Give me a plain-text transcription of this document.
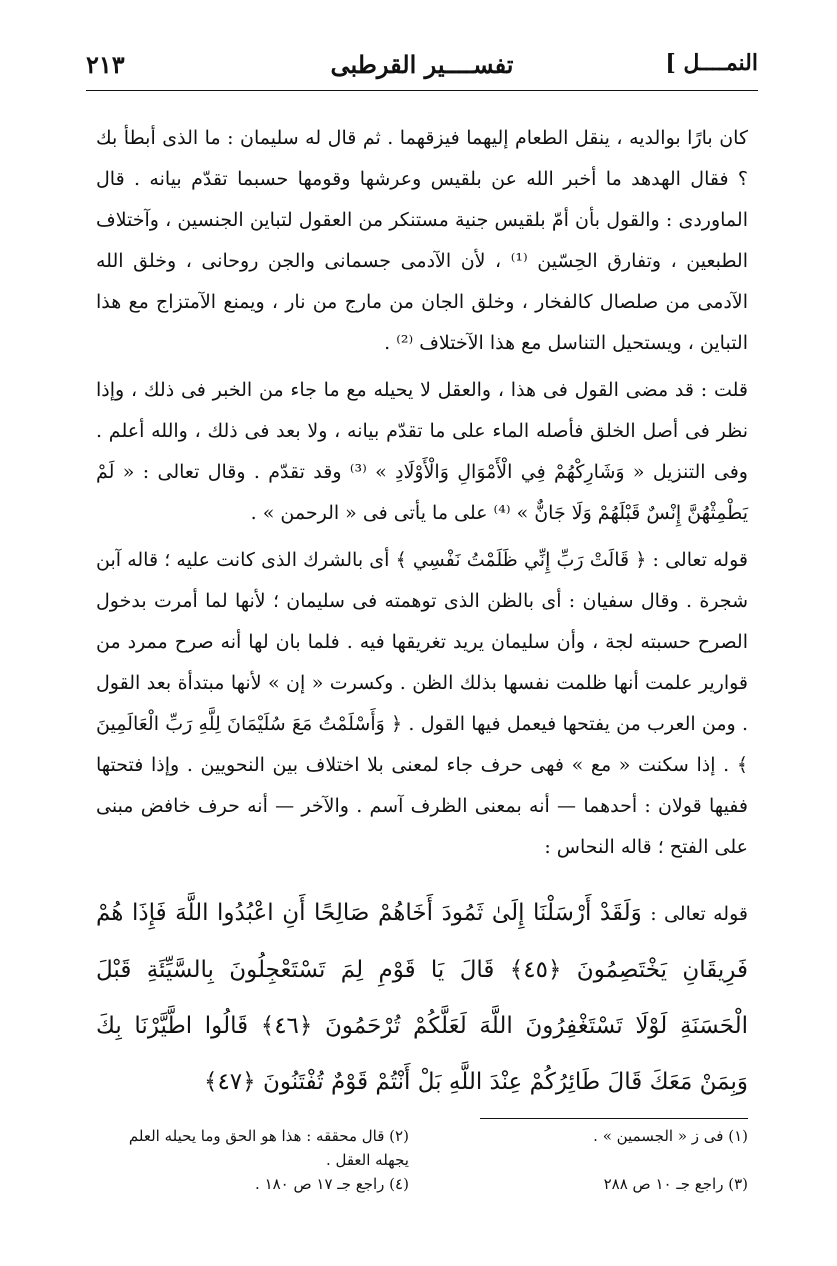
النمــــل ]
تفســــير القرطبى
٢١٣

كان بارًا بوالديه ، ينقل الطعام إليهما فيزقهما . ثم قال له سليمان : ما الذى أبطأ بك ؟ فقال الهدهد ما أخبر الله عن بلقيس وعرشها وقومها حسبما تقدّم بيانه . قال الماوردى : والقول بأن أمّ بلقيس جنية مستنكر من العقول لتباين الجنسين ، وآختلاف الطبعين ، وتفارق الحِسّين ⁽¹⁾ ، لأن الآدمى جسمانى والجن روحانى ، وخلق الله الآدمى من صلصال كالفخار ، وخلق الجان من مارج من نار ، ويمنع الآمتزاج مع هذا التباين ، ويستحيل التناسل مع هذا الآختلاف ⁽²⁾ .

قلت : قد مضى القول فى هذا ، والعقل لا يحيله مع ما جاء من الخبر فى ذلك ، وإذا نظر فى أصل الخلق فأصله الماء على ما تقدّم بيانه ، ولا بعد فى ذلك ، والله أعلم . وفى التنزيل « وَشَارِكْهُمْ فِي الْأَمْوَالِ وَالْأَوْلَادِ » ⁽³⁾ وقد تقدّم . وقال تعالى : « لَمْ يَطْمِثْهُنَّ إِنْسٌ قَبْلَهُمْ وَلَا جَانٌّ » ⁽⁴⁾ على ما يأتى فى « الرحمن » .

قوله تعالى : ﴿ قَالَتْ رَبِّ إِنِّي ظَلَمْتُ نَفْسِي ﴾ أى بالشرك الذى كانت عليه ؛ قاله آبن شجرة . وقال سفيان : أى بالظن الذى توهمته فى سليمان ؛ لأنها لما أمرت بدخول الصرح حسبته لجة ، وأن سليمان يريد تغريقها فيه . فلما بان لها أنه صرح ممرد من قوارير علمت أنها ظلمت نفسها بذلك الظن . وكسرت « إن » لأنها مبتدأة بعد القول . ومن العرب من يفتحها فيعمل فيها القول . ﴿ وَأَسْلَمْتُ مَعَ سُلَيْمَانَ لِلَّهِ رَبِّ الْعَالَمِينَ ﴾ . إذا سكنت « مع » فهى حرف جاء لمعنى بلا اختلاف بين النحويين . وإذا فتحتها ففيها قولان : أحدهما — أنه بمعنى الظرف آسم . والآخر — أنه حرف خافض مبنى على الفتح ؛ قاله النحاس :

قوله تعالى : وَلَقَدْ أَرْسَلْنَا إِلَىٰ ثَمُودَ أَخَاهُمْ صَالِحًا أَنِ اعْبُدُوا اللَّهَ فَإِذَا هُمْ فَرِيقَانِ يَخْتَصِمُونَ ﴿٤٥﴾ قَالَ يَا قَوْمِ لِمَ تَسْتَعْجِلُونَ بِالسَّيِّئَةِ قَبْلَ الْحَسَنَةِ لَوْلَا تَسْتَغْفِرُونَ اللَّهَ لَعَلَّكُمْ تُرْحَمُونَ ﴿٤٦﴾ قَالُوا اطَّيَّرْنَا بِكَ وَبِمَنْ مَعَكَ قَالَ طَائِرُكُمْ عِنْدَ اللَّهِ بَلْ أَنْتُمْ قَوْمٌ تُفْتَنُونَ ﴿٤٧﴾
(١) فى ز « الجسمين » .
(٢) قال محققه : هذا هو الحق وما يحيله العلم يجهله العقل .
(٣) راجع جـ ١٠ ص ٢٨٨
(٤) راجع جـ ١٧ ص ١٨٠ .
